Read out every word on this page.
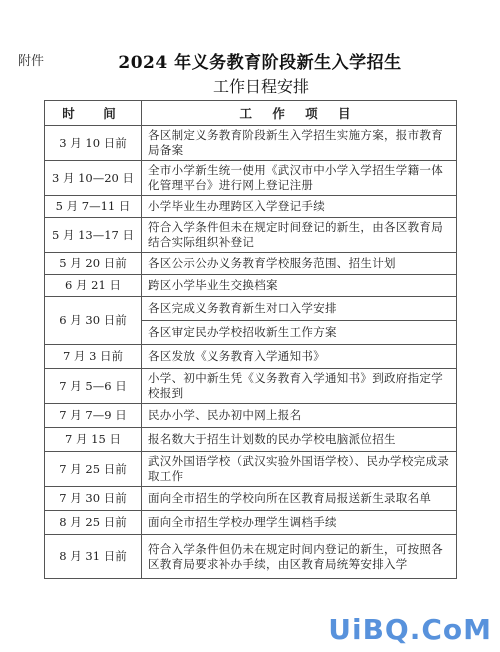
附件	2024 年义务教育阶段新生入学招生
工作日程安排
时　间	工 作 项 目
3 月 10 日前	各区制定义务教育阶段新生入学招生实施方案，报市教育局备案
3 月 10—20 日	全市小学新生统一使用《武汉市中小学入学招生学籍一体化管理平台》进行网上登记注册
5 月 7—11 日	小学毕业生办理跨区入学登记手续
5 月 13—17 日	符合入学条件但未在规定时间登记的新生，由各区教育局结合实际组织补登记
5 月 20 日前	各区公示公办义务教育学校服务范围、招生计划
6 月 21 日	跨区小学毕业生交换档案
6 月 30 日前	各区完成义务教育新生对口入学安排
	各区审定民办学校招收新生工作方案
7 月 3 日前	各区发放《义务教育入学通知书》
7 月 5—6 日	小学、初中新生凭《义务教育入学通知书》到政府指定学校报到
7 月 7—9 日	民办小学、民办初中网上报名
7 月 15 日	报名数大于招生计划数的民办学校电脑派位招生
7 月 25 日前	武汉外国语学校（武汉实验外国语学校）、民办学校完成录取工作
7 月 30 日前	面向全市招生的学校向所在区教育局报送新生录取名单
8 月 25 日前	面向全市招生学校办理学生调档手续
8 月 31 日前	符合入学条件但仍未在规定时间内登记的新生，可按照各区教育局要求补办手续，由区教育局统筹安排入学
UiBQ.CoM
